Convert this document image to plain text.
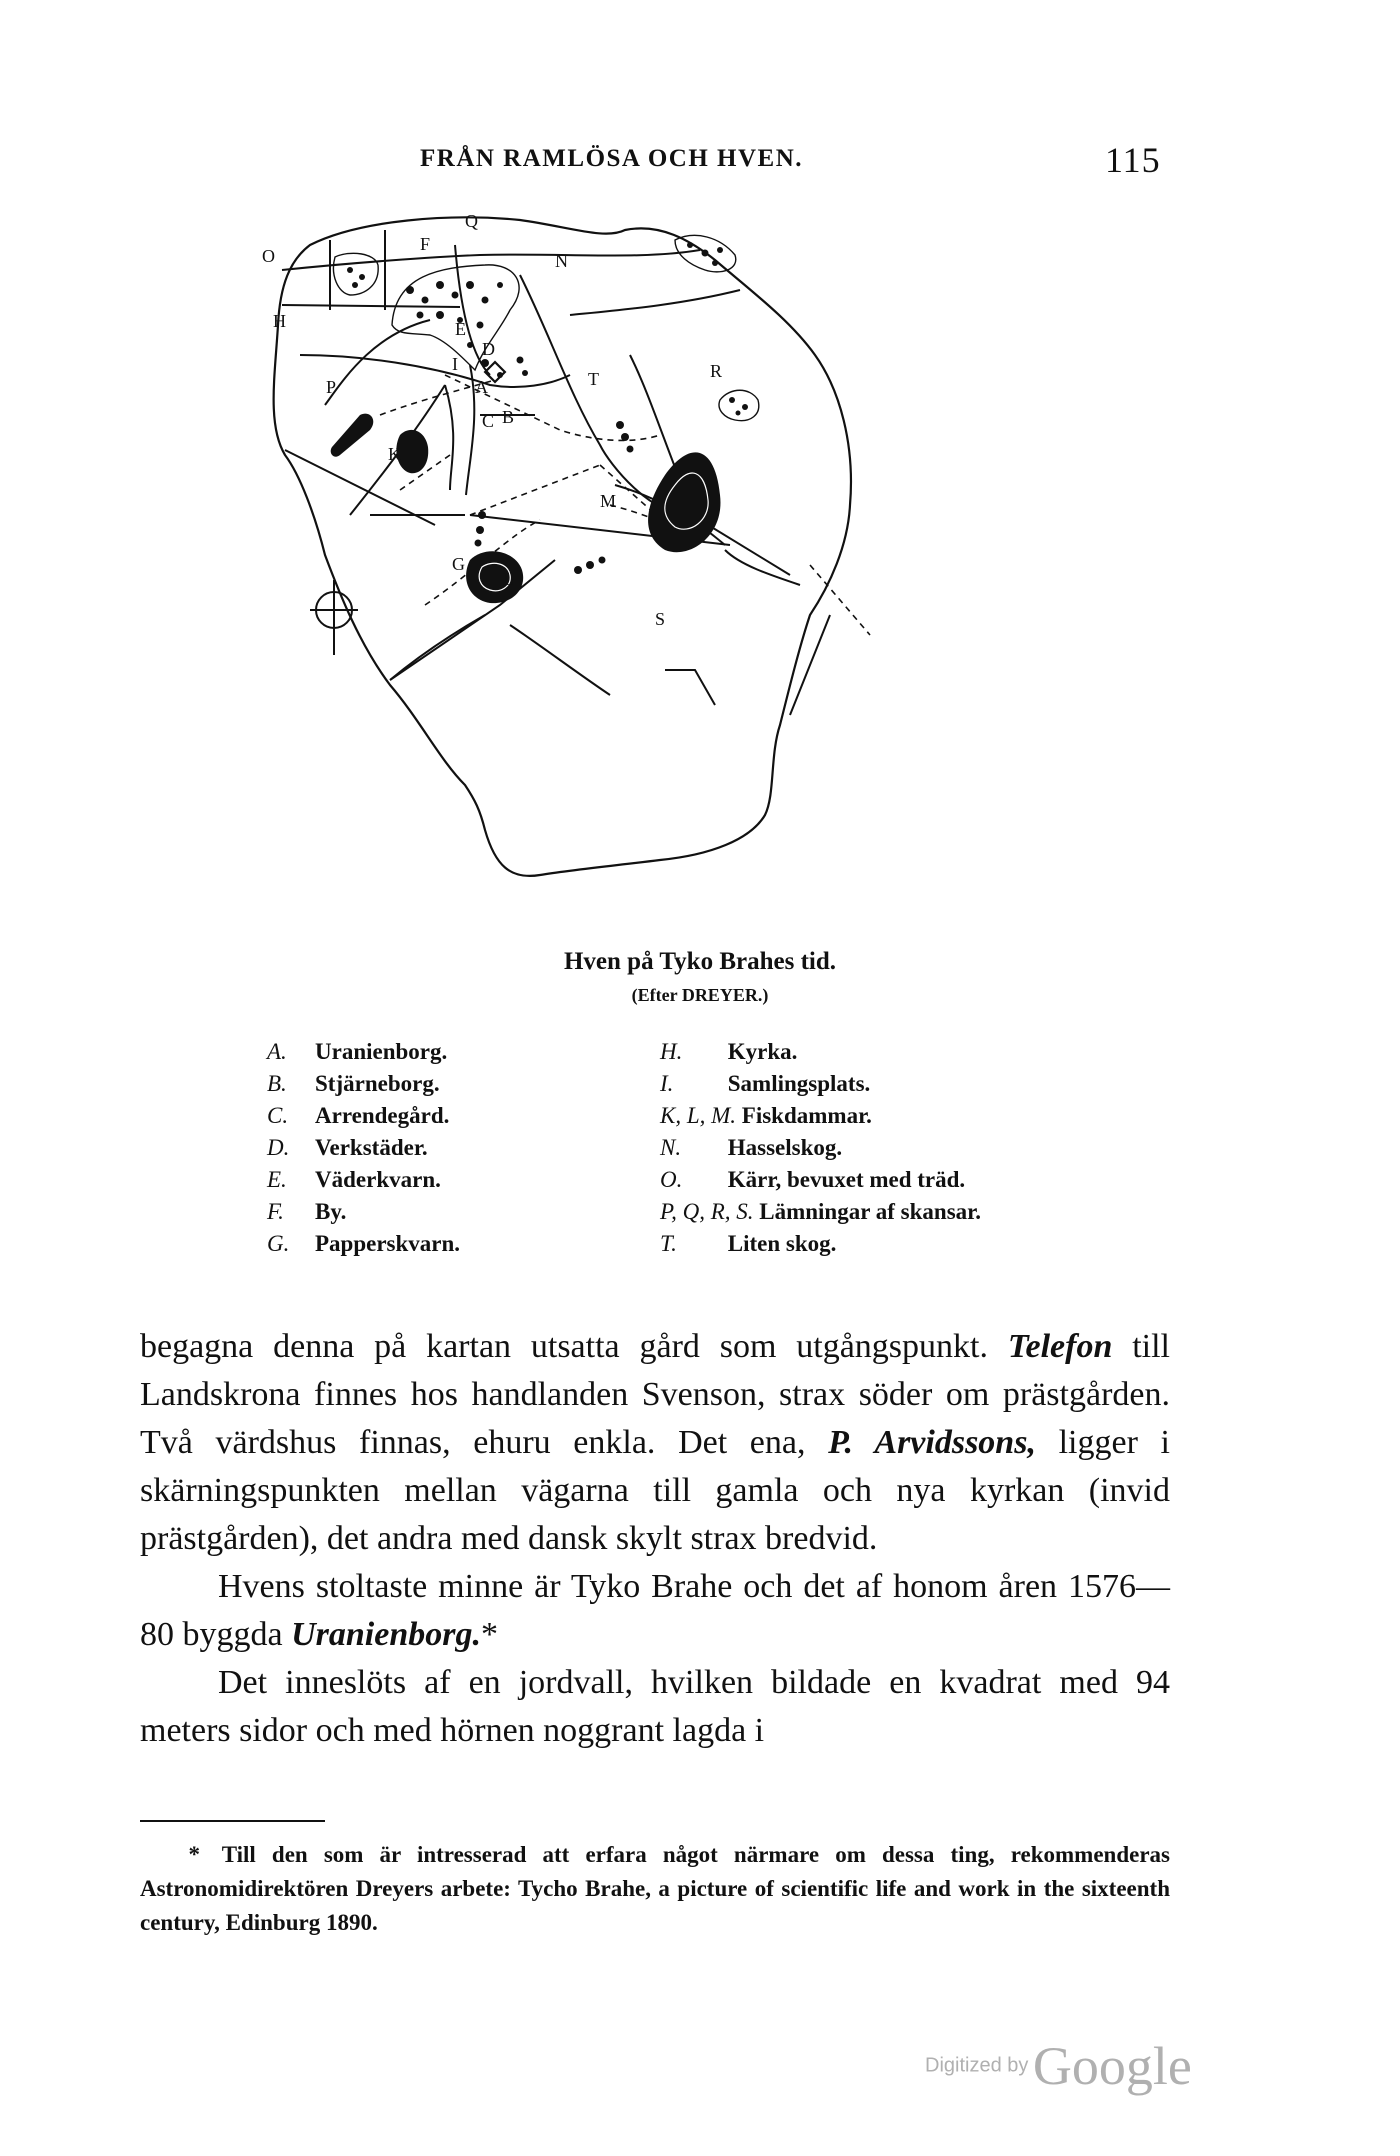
FRÅN RAMLÖSA OCH HVEN.	115
A
B
C
D
E
F
G
H
I
K
L
M
N
O
P
Q
R
S
T
Hven på Tyko Brahes tid.
(Efter DREYER.)
A. Uranienborg.
B. Stjärneborg.
C. Arrendegård.
D. Verkstäder.
E. Väderkvarn.
F. By.
G. Papperskvarn.
H. Kyrka.
I. Samlingsplats.
K, L, M. Fiskdammar.
N. Hasselskog.
O. Kärr, bevuxet med träd.
P, Q, R, S. Lämningar af skansar.
T. Liten skog.

begagna denna på kartan utsatta gård som utgångspunkt. Telefon till Landskrona finnes hos handlanden Svenson, strax söder om prästgården. Två värdshus finnas, ehuru enkla. Det ena, P. Arvidssons, ligger i skärningspunkten mellan vägarna till gamla och nya kyrkan (invid prästgården), det andra med dansk skylt strax bredvid.

Hvens stoltaste minne är Tyko Brahe och det af honom åren 1576—80 byggda Uranienborg.*

Det inneslöts af en jordvall, hvilken bildade en kvadrat med 94 meters sidor och med hörnen noggrant lagda i

* Till den som är intresserad att erfara något närmare om dessa ting, rekommenderas Astronomidirektören Dreyers arbete: Tycho Brahe, a picture of scientific life and work in the sixteenth century, Edinburg 1890.
Digitized by Google
